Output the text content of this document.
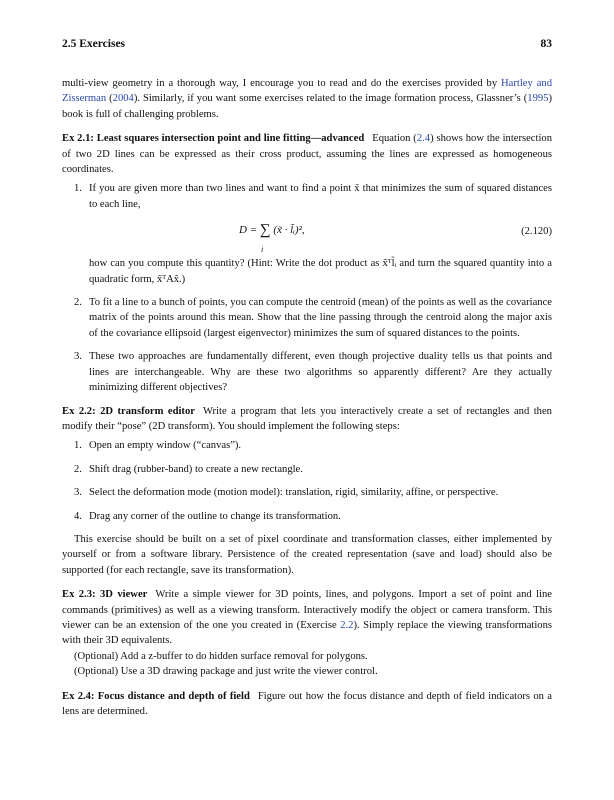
2.5 Exercises	83

multi-view geometry in a thorough way, I encourage you to read and do the exercises provided by Hartley and Zisserman (2004). Similarly, if you want some exercises related to the image formation process, Glassner’s (1995) book is full of challenging problems.

Ex 2.1: Least squares intersection point and line fitting—advanced Equation (2.4) shows how the intersection of two 2D lines can be expressed as their cross product, assuming the lines are expressed as homogeneous coordinates.

1. If you are given more than two lines and want to find a point x̃ that minimizes the sum of squared distances to each line,

D = ∑ (x̃ · l̃ᵢ)²,
i
(2.120)

how can you compute this quantity? (Hint: Write the dot product as x̃ᵀl̃ᵢ and turn the squared quantity into a quadratic form, x̃ᵀAx̃.)

2. To fit a line to a bunch of points, you can compute the centroid (mean) of the points as well as the covariance matrix of the points around this mean. Show that the line passing through the centroid along the major axis of the covariance ellipsoid (largest eigenvector) minimizes the sum of squared distances to the points.

3. These two approaches are fundamentally different, even though projective duality tells us that points and lines are interchangeable. Why are these two algorithms so apparently different? Are they actually minimizing different objectives?

Ex 2.2: 2D transform editor Write a program that lets you interactively create a set of rectangles and then modify their “pose” (2D transform). You should implement the following steps:

1. Open an empty window (“canvas”).

2. Shift drag (rubber-band) to create a new rectangle.

3. Select the deformation mode (motion model): translation, rigid, similarity, affine, or perspective.

4. Drag any corner of the outline to change its transformation.

This exercise should be built on a set of pixel coordinate and transformation classes, either implemented by yourself or from a software library. Persistence of the created representation (save and load) should also be supported (for each rectangle, save its transformation).

Ex 2.3: 3D viewer Write a simple viewer for 3D points, lines, and polygons. Import a set of point and line commands (primitives) as well as a viewing transform. Interactively modify the object or camera transform. This viewer can be an extension of the one you created in (Exercise 2.2). Simply replace the viewing transformations with their 3D equivalents.

(Optional) Add a z-buffer to do hidden surface removal for polygons.

(Optional) Use a 3D drawing package and just write the viewer control.

Ex 2.4: Focus distance and depth of field Figure out how the focus distance and depth of field indicators on a lens are determined.
